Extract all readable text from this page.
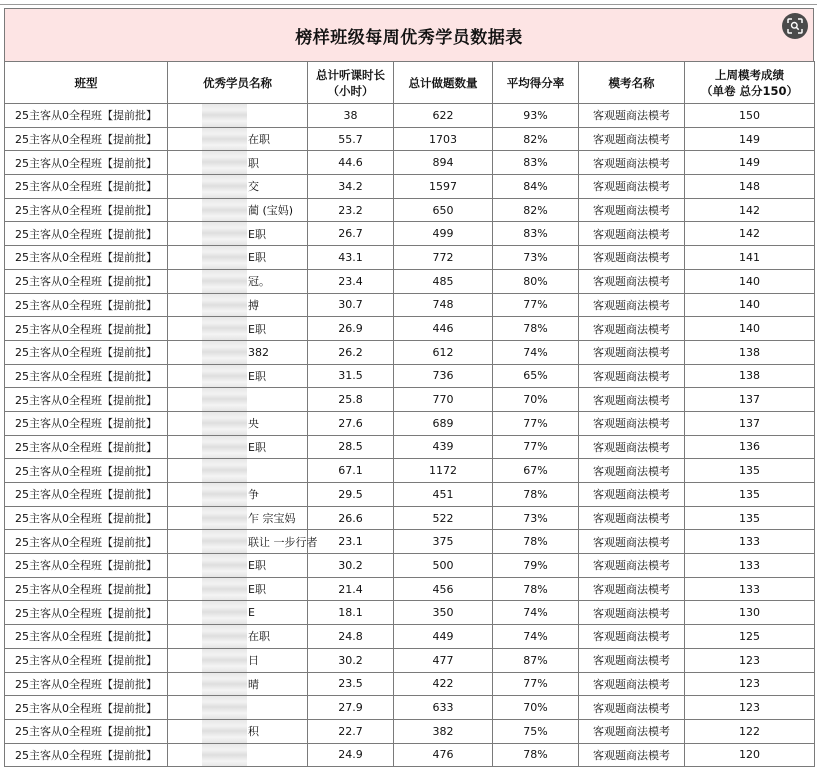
榜样班级每周优秀学员数据表
班型	优秀学员名称	总计听课时长
（小时）	总计做题数量	平均得分率	模考名称	上周模考成绩
（单卷 总分150）
25主客从0全程班【提前批】		38	622	93%	客观题商法模考	150
25主客从0全程班【提前批】	在职	55.7	1703	82%	客观题商法模考	149
25主客从0全程班【提前批】	职	44.6	894	83%	客观题商法模考	149
25主客从0全程班【提前批】	交	34.2	1597	84%	客观题商法模考	148
25主客从0全程班【提前批】	蔺 (宝妈)	23.2	650	82%	客观题商法模考	142
25主客从0全程班【提前批】	E职	26.7	499	83%	客观题商法模考	142
25主客从0全程班【提前批】	E职	43.1	772	73%	客观题商法模考	141
25主客从0全程班【提前批】	冠。	23.4	485	80%	客观题商法模考	140
25主客从0全程班【提前批】	搏	30.7	748	77%	客观题商法模考	140
25主客从0全程班【提前批】	E职	26.9	446	78%	客观题商法模考	140
25主客从0全程班【提前批】	382	26.2	612	74%	客观题商法模考	138
25主客从0全程班【提前批】	E职	31.5	736	65%	客观题商法模考	138
25主客从0全程班【提前批】		25.8	770	70%	客观题商法模考	137
25主客从0全程班【提前批】	央	27.6	689	77%	客观题商法模考	137
25主客从0全程班【提前批】	E职	28.5	439	77%	客观题商法模考	136
25主客从0全程班【提前批】		67.1	1172	67%	客观题商法模考	135
25主客从0全程班【提前批】	争	29.5	451	78%	客观题商法模考	135
25主客从0全程班【提前批】	乍 宗宝妈	26.6	522	73%	客观题商法模考	135
25主客从0全程班【提前批】	联让 一步行者	23.1	375	78%	客观题商法模考	133
25主客从0全程班【提前批】	E职	30.2	500	79%	客观题商法模考	133
25主客从0全程班【提前批】	E职	21.4	456	78%	客观题商法模考	133
25主客从0全程班【提前批】	E	18.1	350	74%	客观题商法模考	130
25主客从0全程班【提前批】	在职	24.8	449	74%	客观题商法模考	125
25主客从0全程班【提前批】	日	30.2	477	87%	客观题商法模考	123
25主客从0全程班【提前批】	晴	23.5	422	77%	客观题商法模考	123
25主客从0全程班【提前批】		27.9	633	70%	客观题商法模考	123
25主客从0全程班【提前批】	积	22.7	382	75%	客观题商法模考	122
25主客从0全程班【提前批】		24.9	476	78%	客观题商法模考	120
